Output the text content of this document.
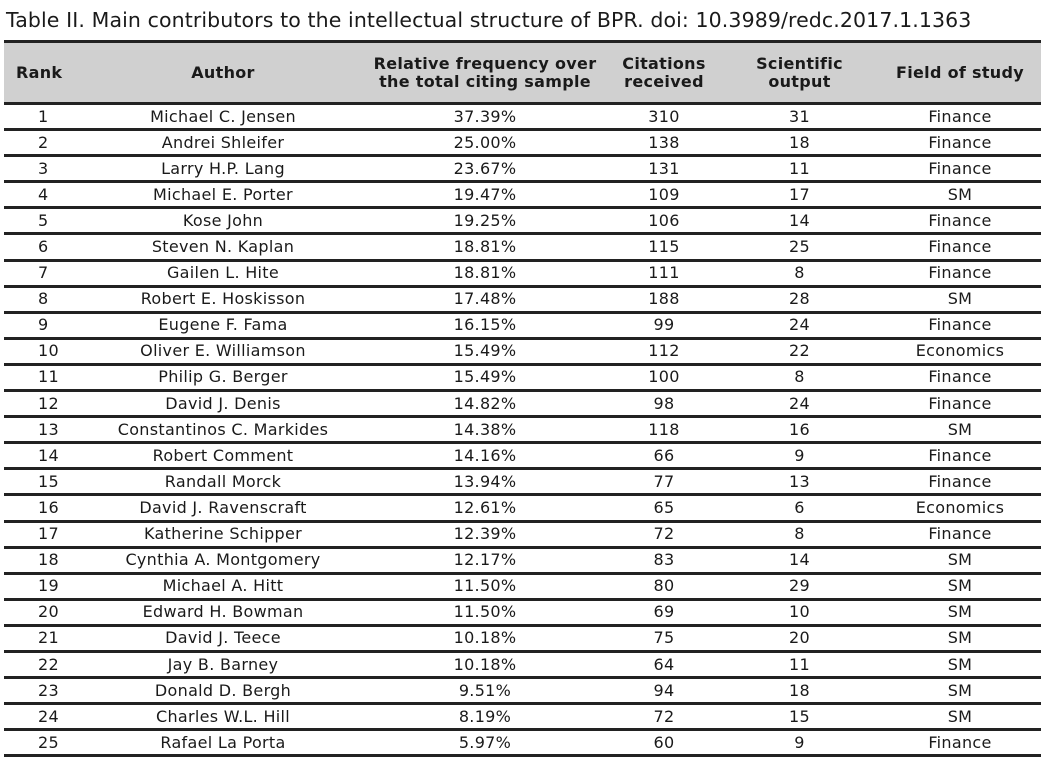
Table II. Main contributors to the intellectual structure of BPR. doi: 10.3989/redc.2017.1.1363
Rank	Author	Relative frequency over the total citing sample	Citations received	Scientific output	Field of study
1	Michael C. Jensen	37.39%	310	31	Finance
2	Andrei Shleifer	25.00%	138	18	Finance
3	Larry H.P. Lang	23.67%	131	11	Finance
4	Michael E. Porter	19.47%	109	17	SM
5	Kose John	19.25%	106	14	Finance
6	Steven N. Kaplan	18.81%	115	25	Finance
7	Gailen L. Hite	18.81%	111	8	Finance
8	Robert E. Hoskisson	17.48%	188	28	SM
9	Eugene F. Fama	16.15%	99	24	Finance
10	Oliver E. Williamson	15.49%	112	22	Economics
11	Philip G. Berger	15.49%	100	8	Finance
12	David J. Denis	14.82%	98	24	Finance
13	Constantinos C. Markides	14.38%	118	16	SM
14	Robert Comment	14.16%	66	9	Finance
15	Randall Morck	13.94%	77	13	Finance
16	David J. Ravenscraft	12.61%	65	6	Economics
17	Katherine Schipper	12.39%	72	8	Finance
18	Cynthia A. Montgomery	12.17%	83	14	SM
19	Michael A. Hitt	11.50%	80	29	SM
20	Edward H. Bowman	11.50%	69	10	SM
21	David J. Teece	10.18%	75	20	SM
22	Jay B. Barney	10.18%	64	11	SM
23	Donald D. Bergh	9.51%	94	18	SM
24	Charles W.L. Hill	8.19%	72	15	SM
25	Rafael La Porta	5.97%	60	9	Finance
